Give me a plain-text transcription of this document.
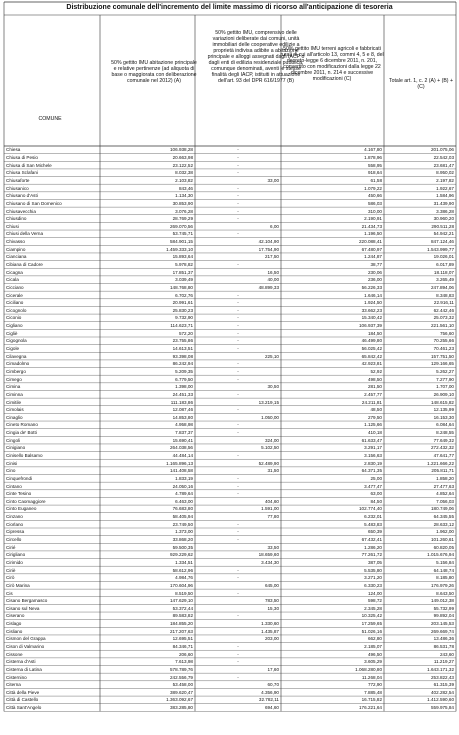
Distribuzione comunale dell'incremento del limite massimo di ricorso all'anticipazione di tesoreria
COMUNE
50% gettito IMU abitazione principale e relative pertinenze (ad aliquota di base o maggiorata con deliberazione comunale nel 2012) (A)
50% gettito IMU, comprensivo delle variazioni deliberate dai comuni, unità immobiliari delle cooperative edilizie a proprietà indivisa adibite a abitazione principale e alloggi assegnati dagli IACP o dagli enti di edilizia residenziale pubblica, comunque denominati, aventi le stesse finalità degli IACP, istituiti in attuazione dell'art. 93 del DPR 616/1977 (B)
50% gettito IMU terreni agricoli e fabbricati rurali di cui all'articolo 13, commi 4, 5 e 8, del decreto-legge 6 dicembre 2011, n. 201, convertito con modificazioni dalla legge 22 dicembre 2011, n. 214 e successive modificazioni (C)	Totale art. 1, c. 2 (A) + (B) + (C)
Chiesa	106.938,28	-	4.167,80	201.075,06
Chiusa di Pesio	20.663,98	-	1.878,96	22.542,03
Chiusa di San Michele	23.122,52	-	558,95	23.681,47
Chiusa Sclafani	8.032,38	-	918,64	8.950,02
Chiusaforte	2.103,82	33,00	61,58	2.197,82
Chiusanico	843,46	-	1.079,22	1.922,67
Chiusano d'Asti	1.134,30	-	450,66	1.584,96
Chiusano di San Domenico	30.853,90	-	586,03	31.439,90
Chiusavecchia	3.076,28	-	310,00	3.386,28
Chiusdino	28.769,29	-	2.190,91	30.960,20
Chiusi	269.070,56	6,00	21.434,73	290.511,28
Chiusi della Verna	53.745,71	-	1.196,50	54.942,21
Chivasso	584.901,15	42.104,90	220.088,41	847.124,46
Ciampino	1.459.333,10	17.754,90	67.480,97	1.543.999,77
Cianciana	15.893,64	217,50	1.244,87	19.026,01
Cibiana di Cadore	5.978,82	-	38,77	6.017,89
Cicagna	17.851,37	16,50	230,06	18.118,07
Cicala	3.039,49	40,00	236,00	3.265,49
Cicciano	148.768,80	48.899,33	56.226,33	247.894,06
Cicerale	6.702,76	-	1.646,14	8.348,83
Ciciliano	20.991,61	-	1.924,50	22.916,11
Cicognolo	25.830,23	-	33.662,23	62.442,46
Ciconio	9.732,90	-	15.340,42	25.073,32
Cigliano	114.623,71	-	106.937,39	221.561,10
Cigliè	572,20	-	184,50	756,60
Cigognola	23.755,86	-	46.499,80	70.255,66
Cigole	14.613,51	-	56.025,42	70.461,23
Cilavegna	93.398,08	225,10	65.842,42	157.751,50
Cimadolmo	86.242,94	-	42.923,81	129.166,65
Cimbergo	5.209,35	-	52,92	5.262,27
Cimego	6.779,50	-	498,50	7.277,90
Cimina	1.398,00	30,50	281,50	1.707,00
Ciminna	24.451,33	-	2.457,77	26.909,10
Cimitile	111.183,86	13.219,15	24.211,81	148.615,82
Cimolais	12.087,46	-	48,50	12.135,99
Cinaglio	14.853,80	1.050,00	279,50	16.153,30
Cineto Romano	4.958,98	-	1.125,66	6.084,64
Cingia de' Botti	7.837,37	-	410,18	8.248,55
Cingoli	15.690,41	324,00	61.633,47	77.649,32
Cinigiano	264.038,56	5.102,50	3.291,17	272.432,32
Cinisello Balsamo	44.484,14	-	3.156,63	47.641,77
Cinisi	1.165.896,13	52.489,90	2.830,19	1.221.666,22
Cino	141.408,58	31,50	64.371,35	205.811,71
Cinquefrondi	1.833,19	-	25,00	1.858,20
Cintano	24.050,16	-	3.477,47	27.477,63
Cinte Tesino	4.789,64	-	63,00	4.852,64
Cinto Caomaggiore	6.463,00	404,60	84,50	7.056,03
Cinto Euganeo	76.683,80	1.591,00	102.774,40	180.749,06
Cinzano	58.405,94	77,80	6.232,01	64.345,55
Ciorlano	23.749,50	-	5.483,83	28.633,12
Cipressa	1.373,00	-	650,39	1.962,00
Circello	33.868,20	-	67.432,41	101.260,61
Cirié	59.500,35	33,50	1.286,20	60.820,05
Cirigliano	929.229,62	18.659,60	77.261,72	1.015.676,94
Cirimido	1.334,51	3.434,30	387,05	5.156,84
Ciriè	58.612,96	-	5.535,80	64.148,74
Cirò	4.984,76	-	3.271,20	8.185,80
Cirò Marina	170.604,96	645,00	6.330,23	176.979,26
Cis	8.519,50	-	124,00	8.643,50
Cisano Bergamasco	147.629,10	783,50	598,72	149.012,38
Cisano sul Neva	53.372,44	15,30	2.345,28	55.732,99
Ciserano	89.583,82	-	10.325,42	99.892,04
Cislago	184.855,20	1.330,60	17.259,65	203.145,53
Cisliano	217.207,63	1.435,87	51.026,16	269.669,74
Cismon del Grappa	12.695,51	203,00	662,80	13.486,36
Cison di Valmarino	84.346,71	-	2.185,07	86.531,78
Cissone	206,60	-	496,50	243,60
Cisterna d'Asti	7.613,98	-	3.605,29	11.219,27
Cisterna di Latina	578.789,76	17,60	1.068.280,80	1.643.171,32
Cisternino	242.556,79	-	11.268,04	253.822,43
Citerna	53.458,00	60,70	772,90	61.315,39
Città della Pieve	389.620,47	4.356,90	7.885,48	402.282,54
Città di Castello	1.363.092,67	32.782,11	16.715,82	1.412.590,60
Città Sant'Angelo	383.285,80	694,60	176.221,64	559.975,84
